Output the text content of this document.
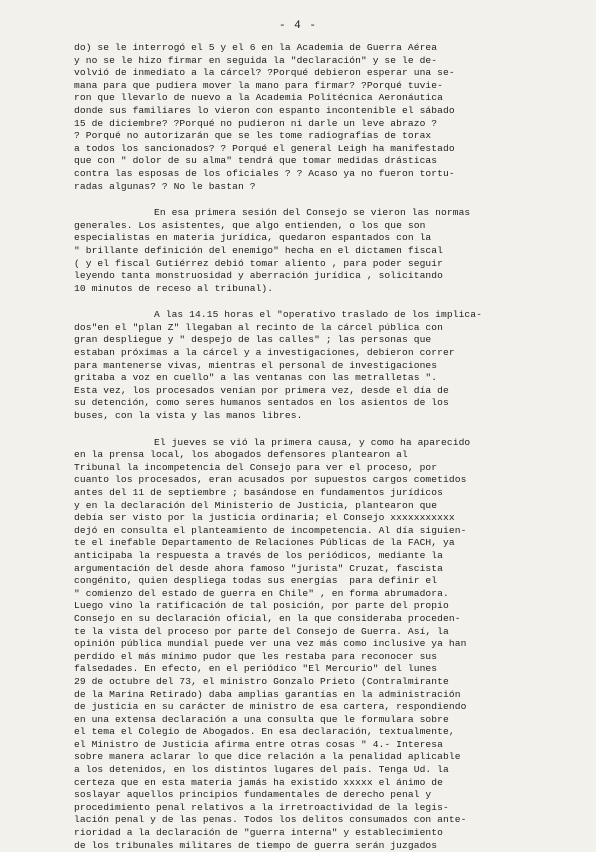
- 4 -
do) se le interrogó el 5 y el 6 en la Academia de Guerra Aérea
y no se le hizo firmar en seguida la "declaración" y se le de-
volvió de inmediato a la cárcel? ?Porqué debieron esperar una se-
mana para que pudiera mover la mano para firmar? ?Porqué tuvie-
ron que llevarlo de nuevo a la Academia Politécnica Aeronáutica
donde sus familiares lo vieron con espanto incontenible el sábado
15 de diciembre? ?Porqué no pudieron ni darle un leve abrazo ?
? Porqué no autorizarán que se les tome radiografías de torax
a todos los sancionados? ? Porqué el general Leigh ha manifestado
que con " dolor de su alma" tendrá que tomar medidas drásticas
contra las esposas de los oficiales ? ? Acaso ya no fueron tortu-
radas algunas? ? No le bastan ?
En esa primera sesión del Consejo se vieron las normas
generales. Los asistentes, que algo entienden, o los que son
especialistas en materia jurídica, quedaron espantados con la
" brillante definición del enemigo" hecha en el dictamen fiscal
( y el fiscal Gutiérrez debió tomar aliento , para poder seguir
leyendo tanta monstruosidad y aberración jurídica , solicitando
10 minutos de receso al tribunal).
A las 14.15 horas el "operativo traslado de los implica-
dos"en el "plan Z" llegaban al recinto de la cárcel pública con
gran despliegue y " despejo de las calles" ; las personas que
estaban próximas a la cárcel y a investigaciones, debieron correr
para mantenerse vivas, mientras el personal de investigaciones
gritaba a voz en cuello" a las ventanas con las metralletas ".
Esta vez, los procesados venían por primera vez, desde el día de
su detención, como seres humanos sentados en los asientos de los
buses, con la vista y las manos libres.
El jueves se vió la primera causa, y como ha aparecido
en la prensa local, los abogados defensores plantearon al
Tribunal la incompetencia del Consejo para ver el proceso, por
cuanto los procesados, eran acusados por supuestos cargos cometidos
antes del 11 de septiembre ; basándose en fundamentos jurídicos
y en la declaración del Ministerio de Justicia, plantearon que
debía ser visto por la justicia ordinaria; el Consejo xxxxxxxxxxx
dejó en consulta el planteamiento de incompetencia. Al día siguien-
te el inefable Departamento de Relaciones Públicas de la FACH, ya
anticipaba la respuesta a través de los periódicos, mediante la
argumentación del desde ahora famoso "jurista" Cruzat, fascista
congénito, quien despliega todas sus energías  para definir el
" comienzo del estado de guerra en Chile" , en forma abrumadora.
Luego vino la ratificación de tal posición, por parte del propio
Consejo en su declaración oficial, en la que consideraba proceden-
te la vista del proceso por parte del Consejo de Guerra. Así, la
opinión pública mundial puede ver una vez más como inclusive ya han
perdido el más mínimo pudor que les restaba para reconocer sus
falsedades. En efecto, en el periódico "El Mercurio" del lunes
29 de octubre del 73, el ministro Gonzalo Prieto (Contralmirante
de la Marina Retirado) daba amplias garantías en la administración
de justicia en su carácter de ministro de esa cartera, respondiendo
en una extensa declaración a una consulta que le formulara sobre
el tema el Colegio de Abogados. En esa declaración, textualmente,
el Ministro de Justicia afirma entre otras cosas " 4.- Interesa
sobre manera aclarar lo que dice relación a la penalidad aplicable
a los detenidos, en los distintos lugares del país. Tenga Ud. la
certeza que en esta materia jamás ha existido xxxxx el ánimo de
soslayar aquellos principios fundamentales de derecho penal y
procedimiento penal relativos a la irretroactividad de la legis-
lación penal y de las penas. Todos los delitos consumados con ante-
rioridad a la declaración de "guerra interna" y establecimiento
de los tribunales militares de tiempo de guerra serán juzgados
